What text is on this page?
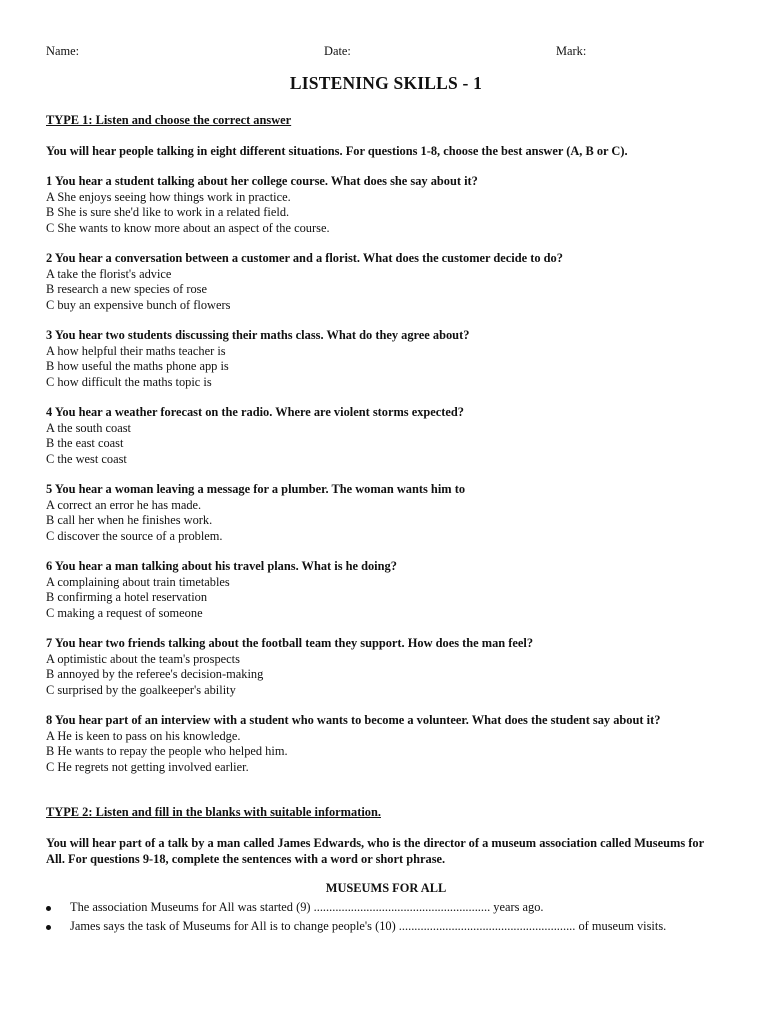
Name:	Date:	Mark:
LISTENING SKILLS - 1
TYPE 1: Listen and choose the correct answer
You will hear people talking in eight different situations. For questions 1-8, choose the best answer (A, B or C).
1 You hear a student talking about her college course. What does she say about it?
A She enjoys seeing how things work in practice.
B She is sure she'd like to work in a related field.
C She wants to know more about an aspect of the course.
2 You hear a conversation between a customer and a florist. What does the customer decide to do?
A take the florist's advice
B research a new species of rose
C buy an expensive bunch of flowers
3 You hear two students discussing their maths class. What do they agree about?
A how helpful their maths teacher is
B how useful the maths phone app is
C how difficult the maths topic is
4 You hear a weather forecast on the radio. Where are violent storms expected?
A the south coast
B the east coast
C the west coast
5 You hear a woman leaving a message for a plumber. The woman wants him to
A correct an error he has made.
B call her when he finishes work.
C discover the source of a problem.
6 You hear a man talking about his travel plans. What is he doing?
A complaining about train timetables
B confirming a hotel reservation
C making a request of someone
7 You hear two friends talking about the football team they support. How does the man feel?
A optimistic about the team's prospects
B annoyed by the referee's decision-making
C surprised by the goalkeeper's ability
8 You hear part of an interview with a student who wants to become a volunteer. What does the student say about it?
A He is keen to pass on his knowledge.
B He wants to repay the people who helped him.
C He regrets not getting involved earlier.
TYPE 2: Listen and fill in the blanks with suitable information.
You will hear part of a talk by a man called James Edwards, who is the director of a museum association called Museums for All. For questions 9-18, complete the sentences with a word or short phrase.
MUSEUMS FOR ALL
The association Museums for All was started (9) ......................................................... years ago.
James says the task of Museums for All is to change people's (10) ......................................................... of museum visits.
